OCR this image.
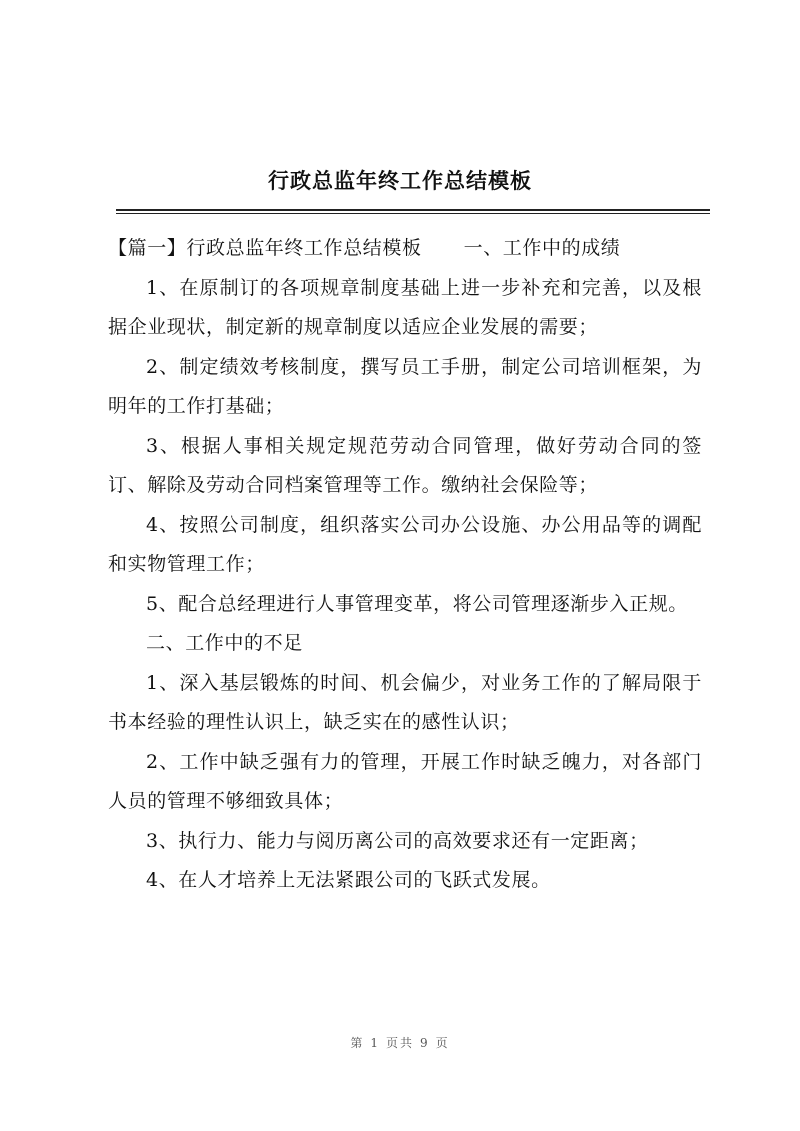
行政总监年终工作总结模板

【篇一】行政总监年终工作总结模板 一、工作中的成绩

1、在原制订的各项规章制度基础上进一步补充和完善，以及根据企业现状，制定新的规章制度以适应企业发展的需要；

2、制定绩效考核制度，撰写员工手册，制定公司培训框架，为明年的工作打基础；

3、根据人事相关规定规范劳动合同管理，做好劳动合同的签订、解除及劳动合同档案管理等工作。缴纳社会保险等；

4、按照公司制度，组织落实公司办公设施、办公用品等的调配和实物管理工作；

5、配合总经理进行人事管理变革，将公司管理逐渐步入正规。

二、工作中的不足

1、深入基层锻炼的时间、机会偏少，对业务工作的了解局限于书本经验的理性认识上，缺乏实在的感性认识；

2、工作中缺乏强有力的管理，开展工作时缺乏魄力，对各部门人员的管理不够细致具体；

3、执行力、能力与阅历离公司的高效要求还有一定距离；

4、在人才培养上无法紧跟公司的飞跃式发展。

第 1 页共 9 页
